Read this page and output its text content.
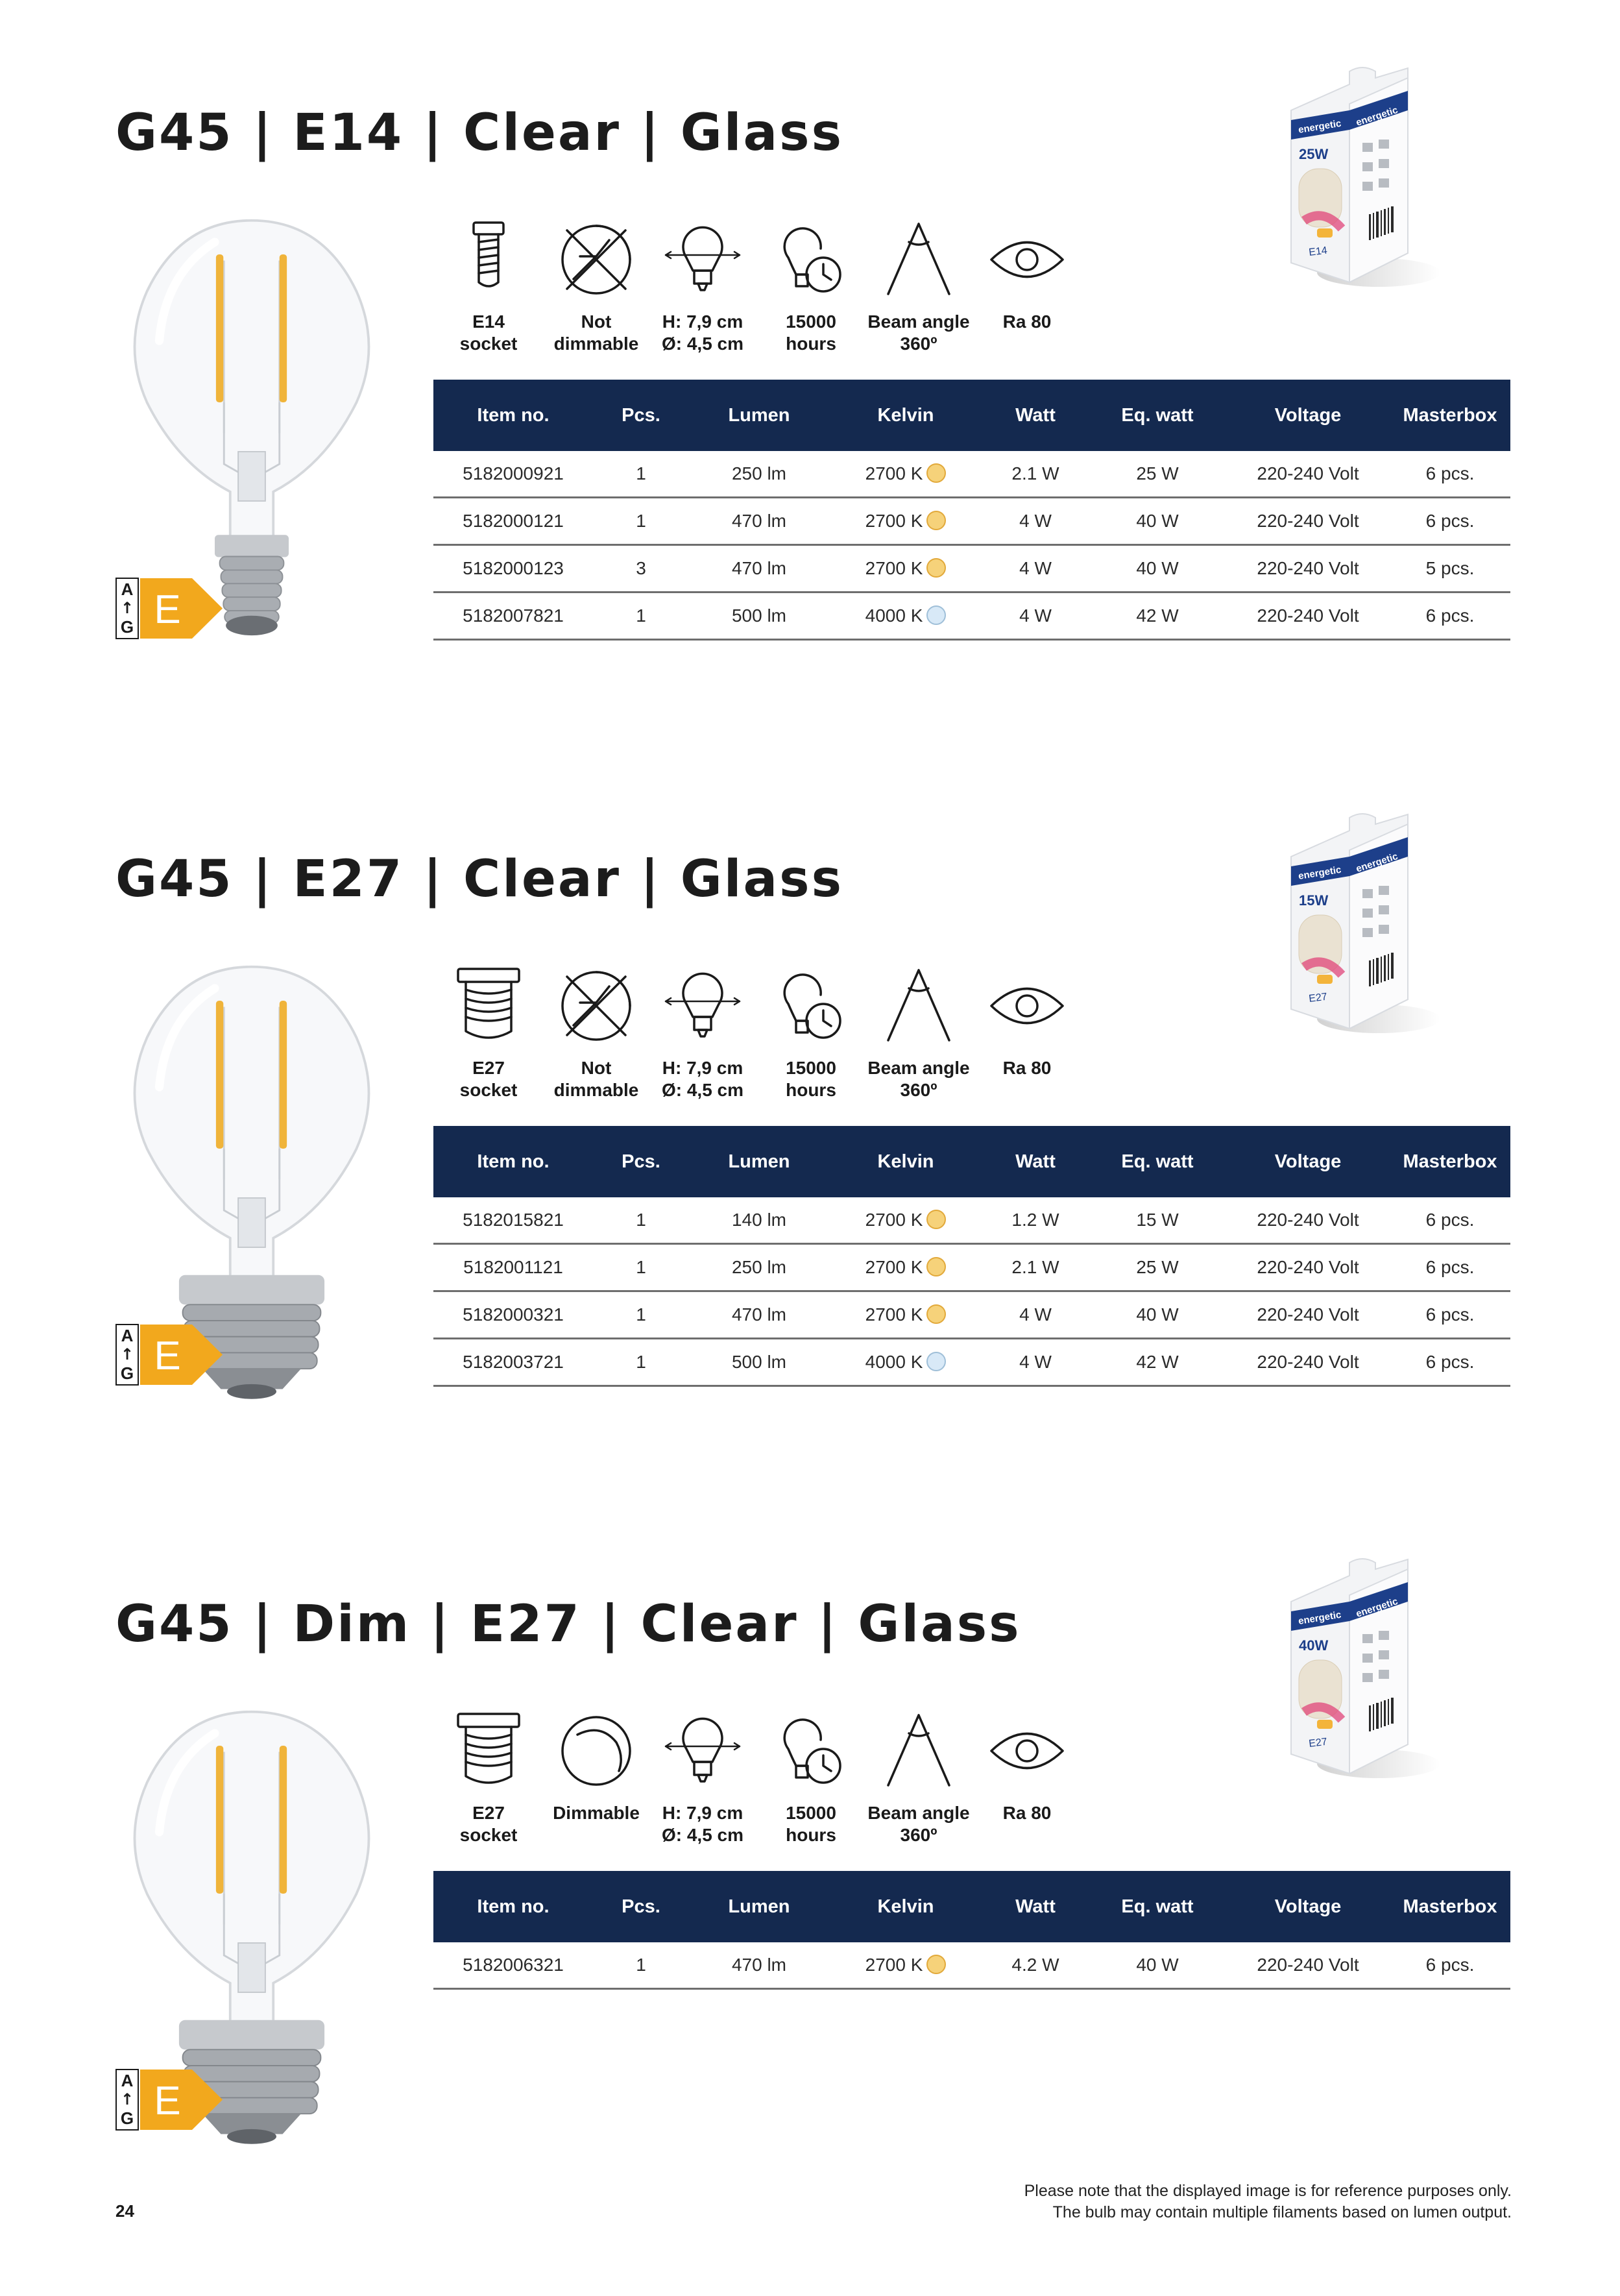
G45 | E14 | Clear | Glass
A
↑
G E
energetic energetic
25W
E14
E14
socket
Not
dimmable
H: 7,9 cm
Ø: 4,5 cm
15000
hours
Beam angle
360º
Ra 80
Item no.	Pcs.	Lumen	Kelvin	Watt	Eq. watt	Voltage	Masterbox
5182000921	1	250 lm	2700 K	2.1 W	25 W	220-240 Volt	6 pcs.
5182000121	1	470 lm	2700 K	4 W	40 W	220-240 Volt	6 pcs.
5182000123	3	470 lm	2700 K	4 W	40 W	220-240 Volt	5 pcs.
5182007821	1	500 lm	4000 K	4 W	42 W	220-240 Volt	6 pcs.
G45 | E27 | Clear | Glass
A
↑
G E
energetic energetic
15W
E27
E27
socket
Not
dimmable
H: 7,9 cm
Ø: 4,5 cm
15000
hours
Beam angle
360º
Ra 80
Item no.	Pcs.	Lumen	Kelvin	Watt	Eq. watt	Voltage	Masterbox
5182015821	1	140 lm	2700 K	1.2 W	15 W	220-240 Volt	6 pcs.
5182001121	1	250 lm	2700 K	2.1 W	25 W	220-240 Volt	6 pcs.
5182000321	1	470 lm	2700 K	4 W	40 W	220-240 Volt	6 pcs.
5182003721	1	500 lm	4000 K	4 W	42 W	220-240 Volt	6 pcs.
G45 | Dim | E27 | Clear | Glass
A
↑
G E
energetic energetic
40W
E27
E27
socket
Dimmable	H: 7,9 cm
Ø: 4,5 cm
15000
hours
Beam angle
360º
Ra 80
Item no.	Pcs.	Lumen	Kelvin	Watt	Eq. watt	Voltage	Masterbox
5182006321	1	470 lm	2700 K	4.2 W	40 W	220-240 Volt	6 pcs.
24
Please note that the displayed image is for reference purposes only.
The bulb may contain multiple filaments based on lumen output.
